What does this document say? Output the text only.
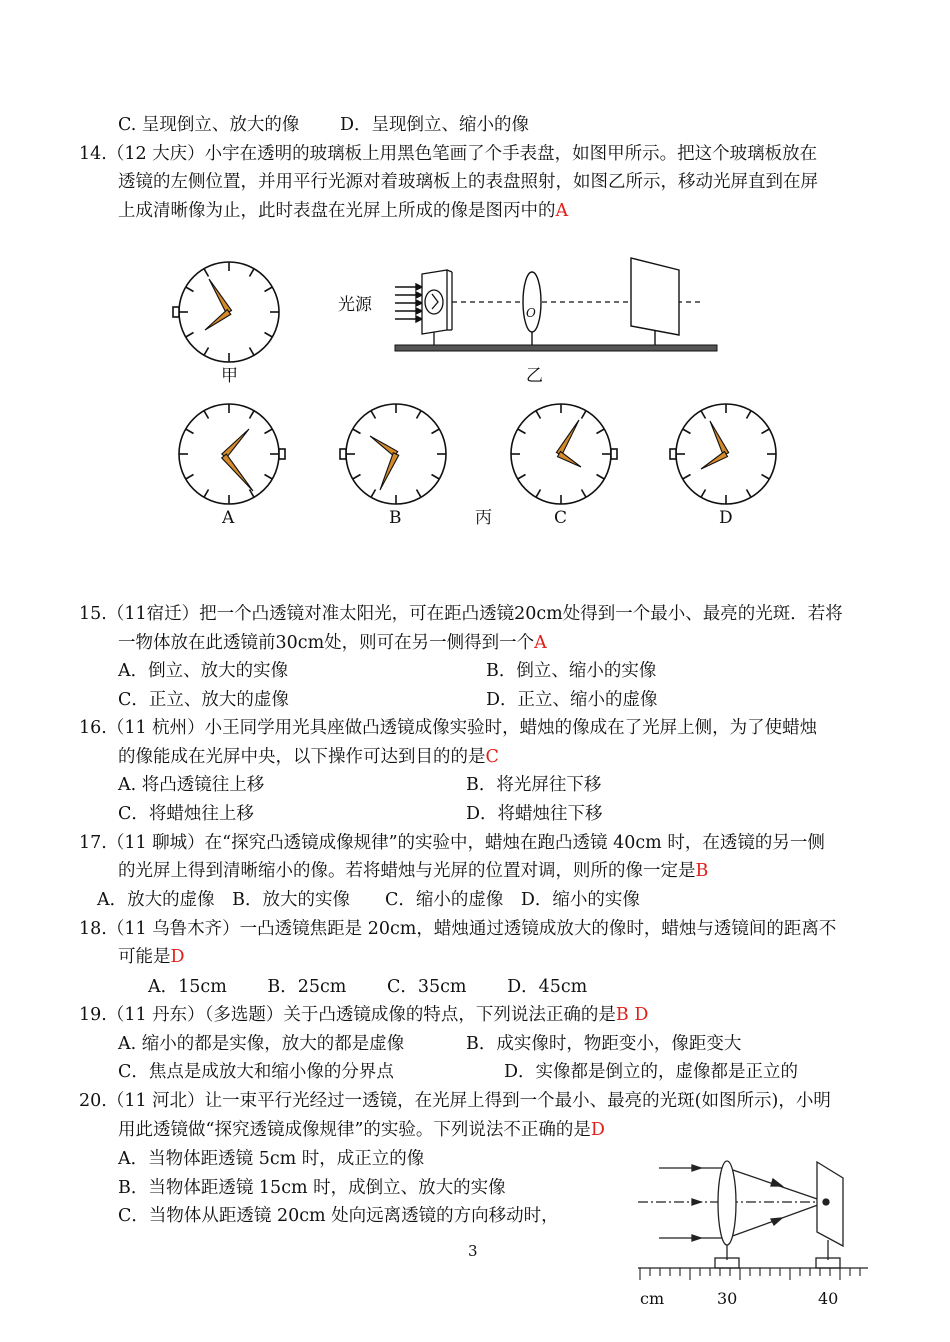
C. 呈现倒立、放大的像　　 D．呈现倒立、缩小的像
14.（12 大庆）小宇在透明的玻璃板上用黑色笔画了个手表盘，如图甲所示。把这个玻璃板放在
透镜的左侧位置，并用平行光源对着玻璃板上的表盘照射，如图乙所示，移动光屏直到在屏
上成清晰像为止，此时表盘在光屏上所成的像是图丙中的A
15.（11宿迁）把一个凸透镜对准太阳光，可在距凸透镜20cm处得到一个最小、最亮的光斑．若将
一物体放在此透镜前30cm处，则可在另一侧得到一个A
A．倒立、放大的实像	B．倒立、缩小的实像
C．正立、放大的虚像	D．正立、缩小的虚像
16.（11 杭州）小王同学用光具座做凸透镜成像实验时，蜡烛的像成在了光屏上侧，为了使蜡烛
的像能成在光屏中央，以下操作可达到目的的是C
A. 将凸透镜往上移	B．将光屏往下移
C．将蜡烛往上移	D．将蜡烛往下移
17.（11 聊城）在“探究凸透镜成像规律”的实验中，蜡烛在跑凸透镜 40cm 时，在透镜的另一侧
的光屏上得到清晰缩小的像。若将蜡烛与光屏的位置对调，则所的像一定是B
A．放大的虚像　B．放大的实像　　C．缩小的虚像　D．缩小的实像
18.（11 乌鲁木齐）一凸透镜焦距是 20cm，蜡烛通过透镜成放大的像时，蜡烛与透镜间的距离不
可能是D
A．15cm　　 B．25cm　　 C．35cm　　 D．45cm
19.（11 丹东）（多选题）关于凸透镜成像的特点，下列说法正确的是B D
A. 缩小的都是实像，放大的都是虚像	B．成实像时，物距变小，像距变大
C．焦点是成放大和缩小像的分界点	D．实像都是倒立的，虚像都是正立的
20.（11 河北）让一束平行光经过一透镜，在光屏上得到一个最小、最亮的光斑(如图所示)，小明
用此透镜做“探究透镜成像规律”的实验。下列说法不正确的是D
A．当物体距透镜 5cm 时，成正立的像
B．当物体距透镜 15cm 时，成倒立、放大的实像
C．当物体从距透镜 20cm 处向远离透镜的方向移动时，
3
光源	O
甲	乙
A	B	丙	C	D
cm	30	40
